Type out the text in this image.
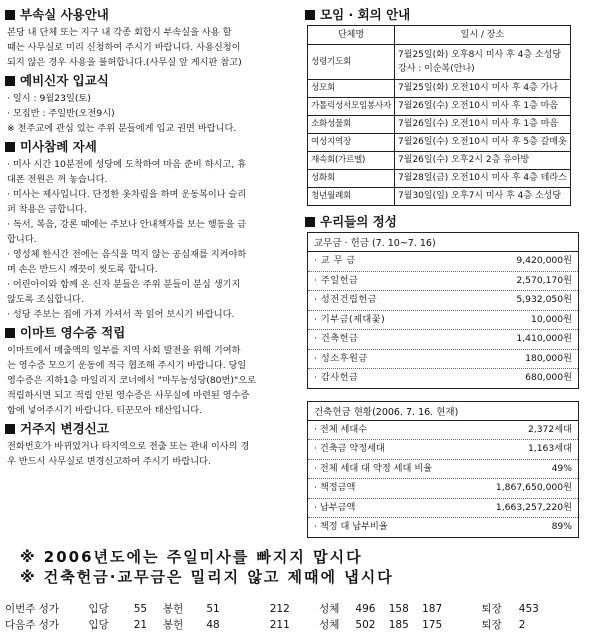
부속실 사용안내
본당 내 단체 또는 지구 내 각종 회합시 부속실을 사용 할
때는 사무실로 미리 신청하여 주시기 바랍니다. 사용신청이
되지 않은 경우 사용을 불허합니다.(사무실 앞 게시판 참고)
예비신자 입교식
· 일시 : 9월23일(토)
· 모집반 : 주일반(오전9시)
※ 천주교에 관심 있는 주위 분들에게 입교 권면 바랍니다.
미사참례 자세
· 미사 시간 10분전에 성당에 도착하여 마음 준비 하시고, 휴
대폰 전원은 꺼 놓습니다.
· 미사는 제사입니다. 단정한 옷차림을 하며 운동복이나 슬리
퍼 착용은 금합니다.
· 독서, 복음, 강론 때에는 주보나 안내책자를 보는 행동을 금
합니다.
· 영성체 한시간 전에는 음식을 먹지 않는 공심재를 지켜야하
며 손은 반드시 깨끗이 씻도록 합니다.
· 어린아이와 함께 온 신자 분들은 주위 분들이 분심 생기지
않도록 조심합니다.
· 성당 주보는 집에 가져 가셔서 꼭 읽어 보시기 바랍니다.
이마트 영수증 적립
이마트에서 매출액의 일부를 지역 사회 발전을 위해 기여하
는 영수증 모으기 운동에 적극 협조해 주시기 바랍니다. 당일
영수증은 지하1층 마일리지 코너에서 "마두농성당(80번)"으로
적립하시면 되고 적립 안된 영수증은 사무실에 마련된 영수증
함에 넣어주시기 바랍니다. 티꾼모아 태산입니다.
거주지 변경신고
전화번호가 바뀌었거나 타지역으로 전출 또는 관내 이사의 경
우 반드시 사무실로 변경신고하여 주시기 바랍니다.
모임 · 회의 안내
단체명	일시 / 장소
성령기도회	7월25일(화) 오후8시 미사 후 4층 소성당
강사 : 이순복(안나)

성모회	7월25일(화) 오전10시 미사 후 4층 가나
가톨릭성서모임봉사자	7월26일(수) 오전10시 미사 후 1층 마음
소화성물회	7월26일(수) 오전10시 미사 후 1층 마음
여성지역장	7월26일(수) 오전10시 미사 후 5층 갈매옷
재속회(가르멜)	7월26일(수) 오후2시 2층 유아방
성화회	7월28일(금) 오전10시 미사 후 4층 테라스
청년월례회	7월30일(일) 오후7시 미사 후 4층 소성당
우리들의 정성
교무금 · 헌금 (7. 10~7. 16)
· 교 무 금	9,420,000원
· 주일헌금	2,570,170원
· 성전건립헌금	5,932,050원
· 기부금(제대꽃)	10,000원
· 건축헌금	1,410,000원
· 성소후원금	180,000원
· 감사헌금	680,000원
건축헌금 현황(2006. 7. 16. 현재)
· 전체 세대수	2,372세대
· 건축금 약정세대	1,163세대
· 전체 세대 대 약정 세대 비율	49%
· 책정금액	1,867,650,000원
· 납부금액	1,663,257,220원
· 책정 대 납부비율	89%
※ 2006년도에는 주일미사를 빠지지 맙시다
※ 건축헌금·교무금은 밀리지 않고 제때에 냅시다
이번주 성가	입당 55 봉헌 51	212	성체 496 158 187	퇴장 453
다음주 성가	입당 21 봉헌 48	211	성체 502 185 175	퇴장 2
